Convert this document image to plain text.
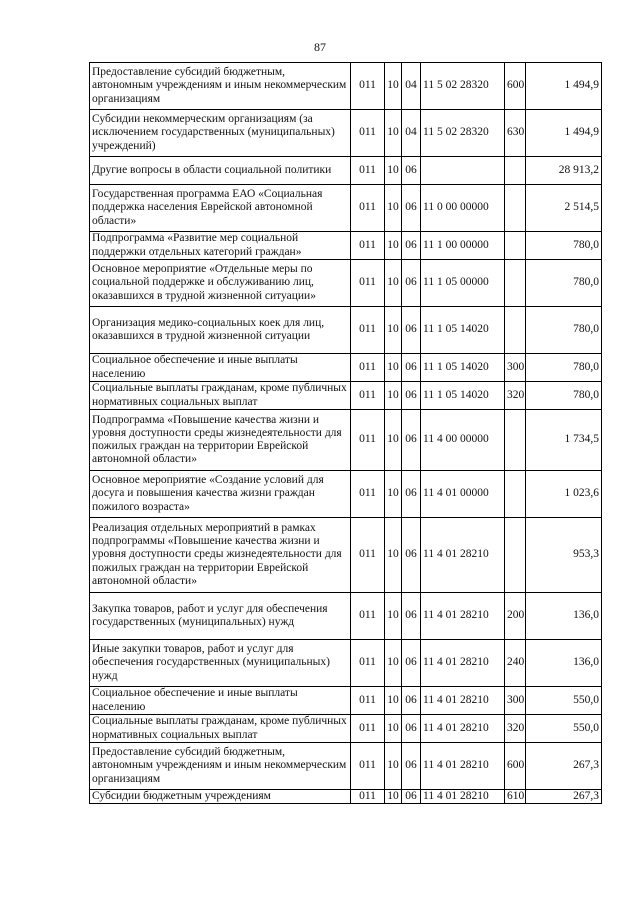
87
Предоставление субсидий бюджетным, автономным учреждениям и иным некоммерческим организациям	011	10	04	11 5 02 28320	600	1 494,9
Субсидии некоммерческим организациям (за исключением государственных (муниципальных) учреждений)	011	10	04	11 5 02 28320	630	1 494,9
Другие вопросы в области социальной политики	011	10	06			28 913,2
Государственная программа ЕАО «Социальная поддержка населения Еврейской автономной области»	011	10	06	11 0 00 00000		2 514,5
Подпрограмма «Развитие мер социальной поддержки отдельных категорий граждан»	011	10	06	11 1 00 00000		780,0
Основное мероприятие «Отдельные меры по социальной поддержке и обслуживанию лиц, оказавшихся в трудной жизненной ситуации»	011	10	06	11 1 05 00000		780,0
Организация медико-социальных коек для лиц, оказавшихся в трудной жизненной ситуации	011	10	06	11 1 05 14020		780,0
Социальное обеспечение и иные выплаты населению	011	10	06	11 1 05 14020	300	780,0
Социальные выплаты гражданам, кроме публичных нормативных социальных выплат	011	10	06	11 1 05 14020	320	780,0
Подпрограмма «Повышение качества жизни и уровня доступности среды жизнедеятельности для пожилых граждан на территории Еврейской автономной области»	011	10	06	11 4 00 00000		1 734,5
Основное мероприятие «Создание условий для досуга и повышения качества жизни граждан пожилого возраста»	011	10	06	11 4 01 00000		1 023,6
Реализация отдельных мероприятий в рамках подпрограммы «Повышение качества жизни и уровня доступности среды жизнедеятельности для пожилых граждан на территории Еврейской автономной области»	011	10	06	11 4 01 28210		953,3
Закупка товаров, работ и услуг для обеспечения государственных (муниципальных) нужд	011	10	06	11 4 01 28210	200	136,0
Иные закупки товаров, работ и услуг для обеспечения государственных (муниципальных) нужд	011	10	06	11 4 01 28210	240	136,0
Социальное обеспечение и иные выплаты населению	011	10	06	11 4 01 28210	300	550,0
Социальные выплаты гражданам, кроме публичных нормативных социальных выплат	011	10	06	11 4 01 28210	320	550,0
Предоставление субсидий бюджетным, автономным учреждениям и иным некоммерческим организациям	011	10	06	11 4 01 28210	600	267,3
Субсидии бюджетным учреждениям	011	10	06	11 4 01 28210	610	267,3
